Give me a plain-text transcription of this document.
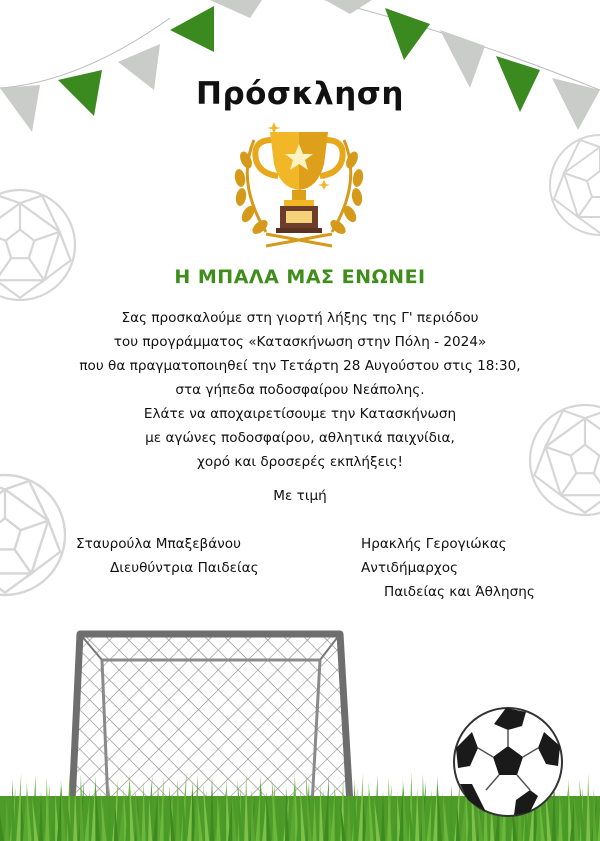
Πρόσκληση
Η ΜΠΑΛΑ ΜΑΣ ΕΝΩΝΕΙ
Σας προσκαλούμε στη γιορτή λήξης της Γ' περιόδου
του προγράμματος «Κατασκήνωση στην Πόλη - 2024»
που θα πραγματοποιηθεί την Τετάρτη 28 Αυγούστου στις 18:30,
στα γήπεδα ποδοσφαίρου Νεάπολης.
Ελάτε να αποχαιρετίσουμε την Κατασκήνωση
με αγώνες ποδοσφαίρου, αθλητικά παιχνίδια,
χορό και δροσερές εκπλήξεις!
Με τιμή
Σταυρούλα Μπαξεβάνου
Διευθύντρια Παιδείας
Ηρακλής Γερογιώκας
Αντιδήμαρχος
Παιδείας και Άθλησης
